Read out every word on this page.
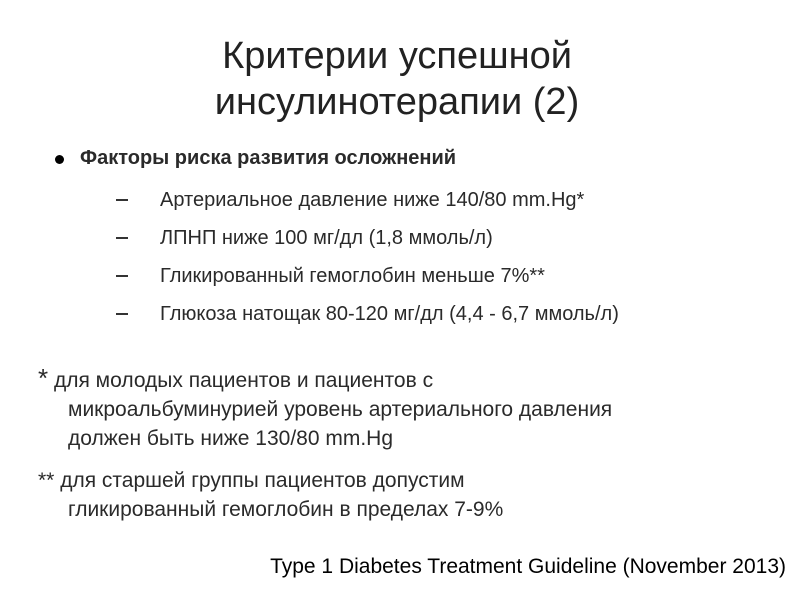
Критерии успешной
инсулинотерапии (2)
Факторы риска развития осложнений
Артериальное давление ниже 140/80 mm.Hg*
ЛПНП ниже 100 мг/дл (1,8 ммоль/л)
Гликированный гемоглобин меньше 7%**
Глюкоза натощак 80-120 мг/дл (4,4 - 6,7 ммоль/л)
* для молодых пациентов и пациентов с
микроальбуминурией уровень артериального давления
должен быть ниже 130/80 mm.Hg
** для старшей группы пациентов допустим
гликированный гемоглобин в пределах 7-9%
Type 1 Diabetes Treatment Guideline (November 2013)
